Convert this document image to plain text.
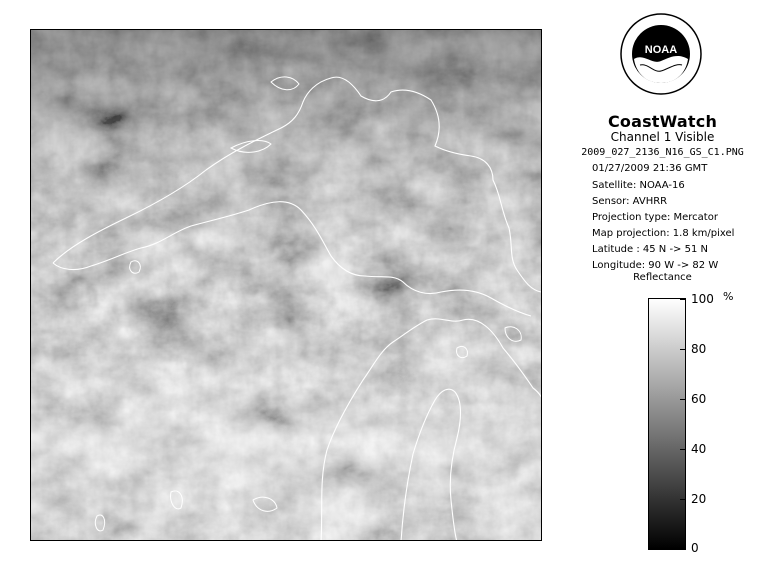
NOAA
CoastWatch
Channel 1 Visible
2009_027_2136_N16_GS_C1.PNG
01/27/2009 21:36 GMT
Satellite: NOAA-16
Sensor: AVHRR
Projection type: Mercator
Map projection: 1.8 km/pixel
Latitude : 45 N -> 51 N
Longitude: 90 W -> 82 W
Reflectance
%
100
80
60
40
20
0
